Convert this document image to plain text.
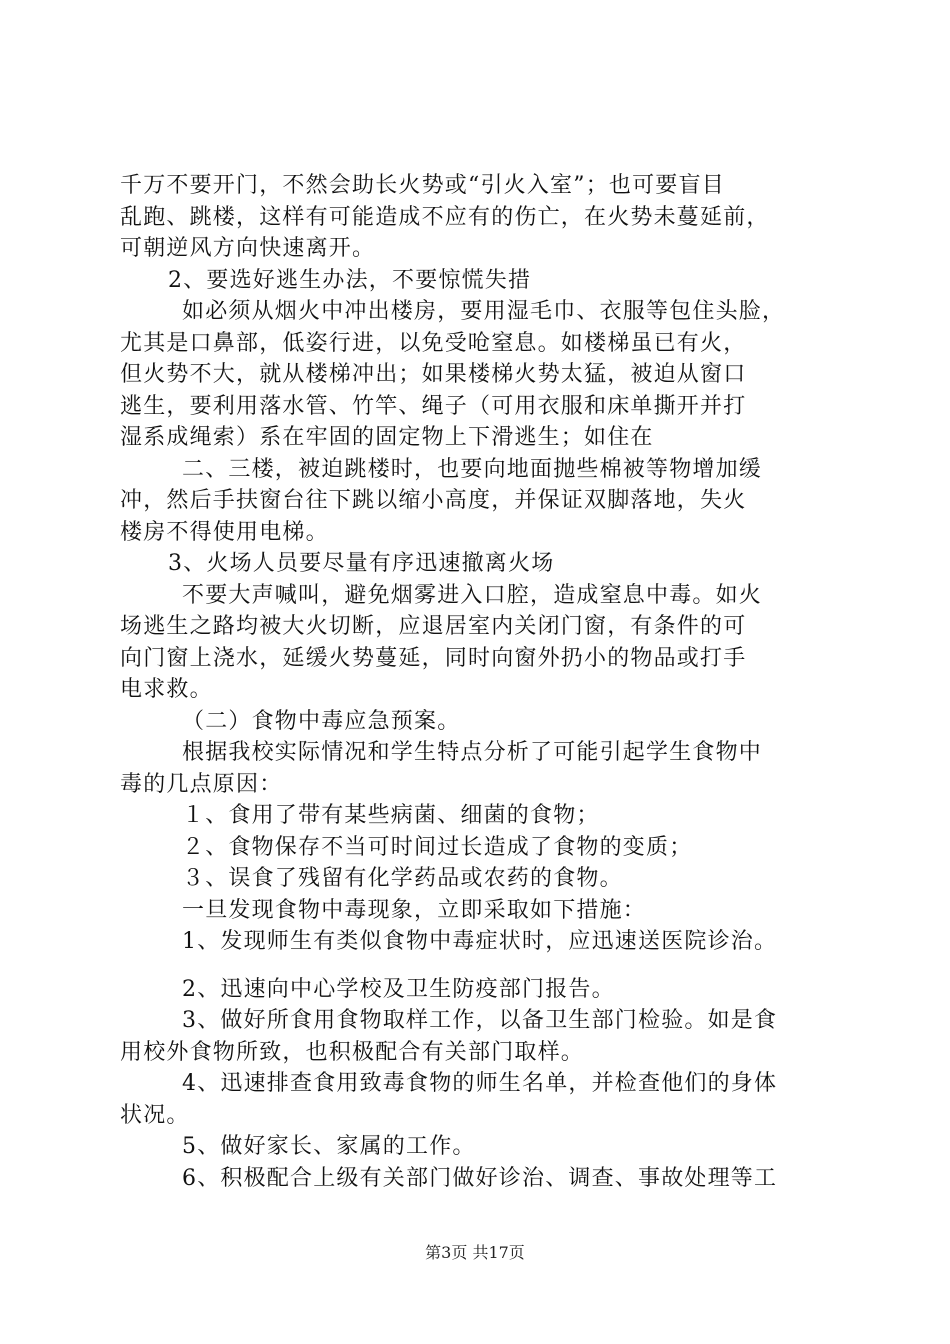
千万不要开门，不然会助长火势或“引火入室”；也可要盲目
乱跑、跳楼，这样有可能造成不应有的伤亡，在火势未蔓延前，
可朝逆风方向快速离开。
2、要选好逃生办法，不要惊慌失措
如必须从烟火中冲出楼房，要用湿毛巾、衣服等包住头脸，
尤其是口鼻部，低姿行进，以免受呛窒息。如楼梯虽已有火，
但火势不大，就从楼梯冲出；如果楼梯火势太猛，被迫从窗口
逃生，要利用落水管、竹竿、绳子（可用衣服和床单撕开并打
湿系成绳索）系在牢固的固定物上下滑逃生；如住在
二、三楼，被迫跳楼时，也要向地面抛些棉被等物增加缓
冲，然后手扶窗台往下跳以缩小高度，并保证双脚落地，失火
楼房不得使用电梯。
3、火场人员要尽量有序迅速撤离火场
不要大声喊叫，避免烟雾进入口腔，造成窒息中毒。如火
场逃生之路均被大火切断，应退居室内关闭门窗，有条件的可
向门窗上浇水，延缓火势蔓延，同时向窗外扔小的物品或打手
电求救。
（二）食物中毒应急预案。
根据我校实际情况和学生特点分析了可能引起学生食物中
毒的几点原因：
１、食用了带有某些病菌、细菌的食物；
２、食物保存不当可时间过长造成了食物的变质；
３、误食了残留有化学药品或农药的食物。
一旦发现食物中毒现象，立即采取如下措施：
1、发现师生有类似食物中毒症状时，应迅速送医院诊治。
2、迅速向中心学校及卫生防疫部门报告。
3、做好所食用食物取样工作，以备卫生部门检验。如是食
用校外食物所致，也积极配合有关部门取样。
4、迅速排查食用致毒食物的师生名单，并检查他们的身体
状况。
5、做好家长、家属的工作。
6、积极配合上级有关部门做好诊治、调查、事故处理等工
第3页 共17页
